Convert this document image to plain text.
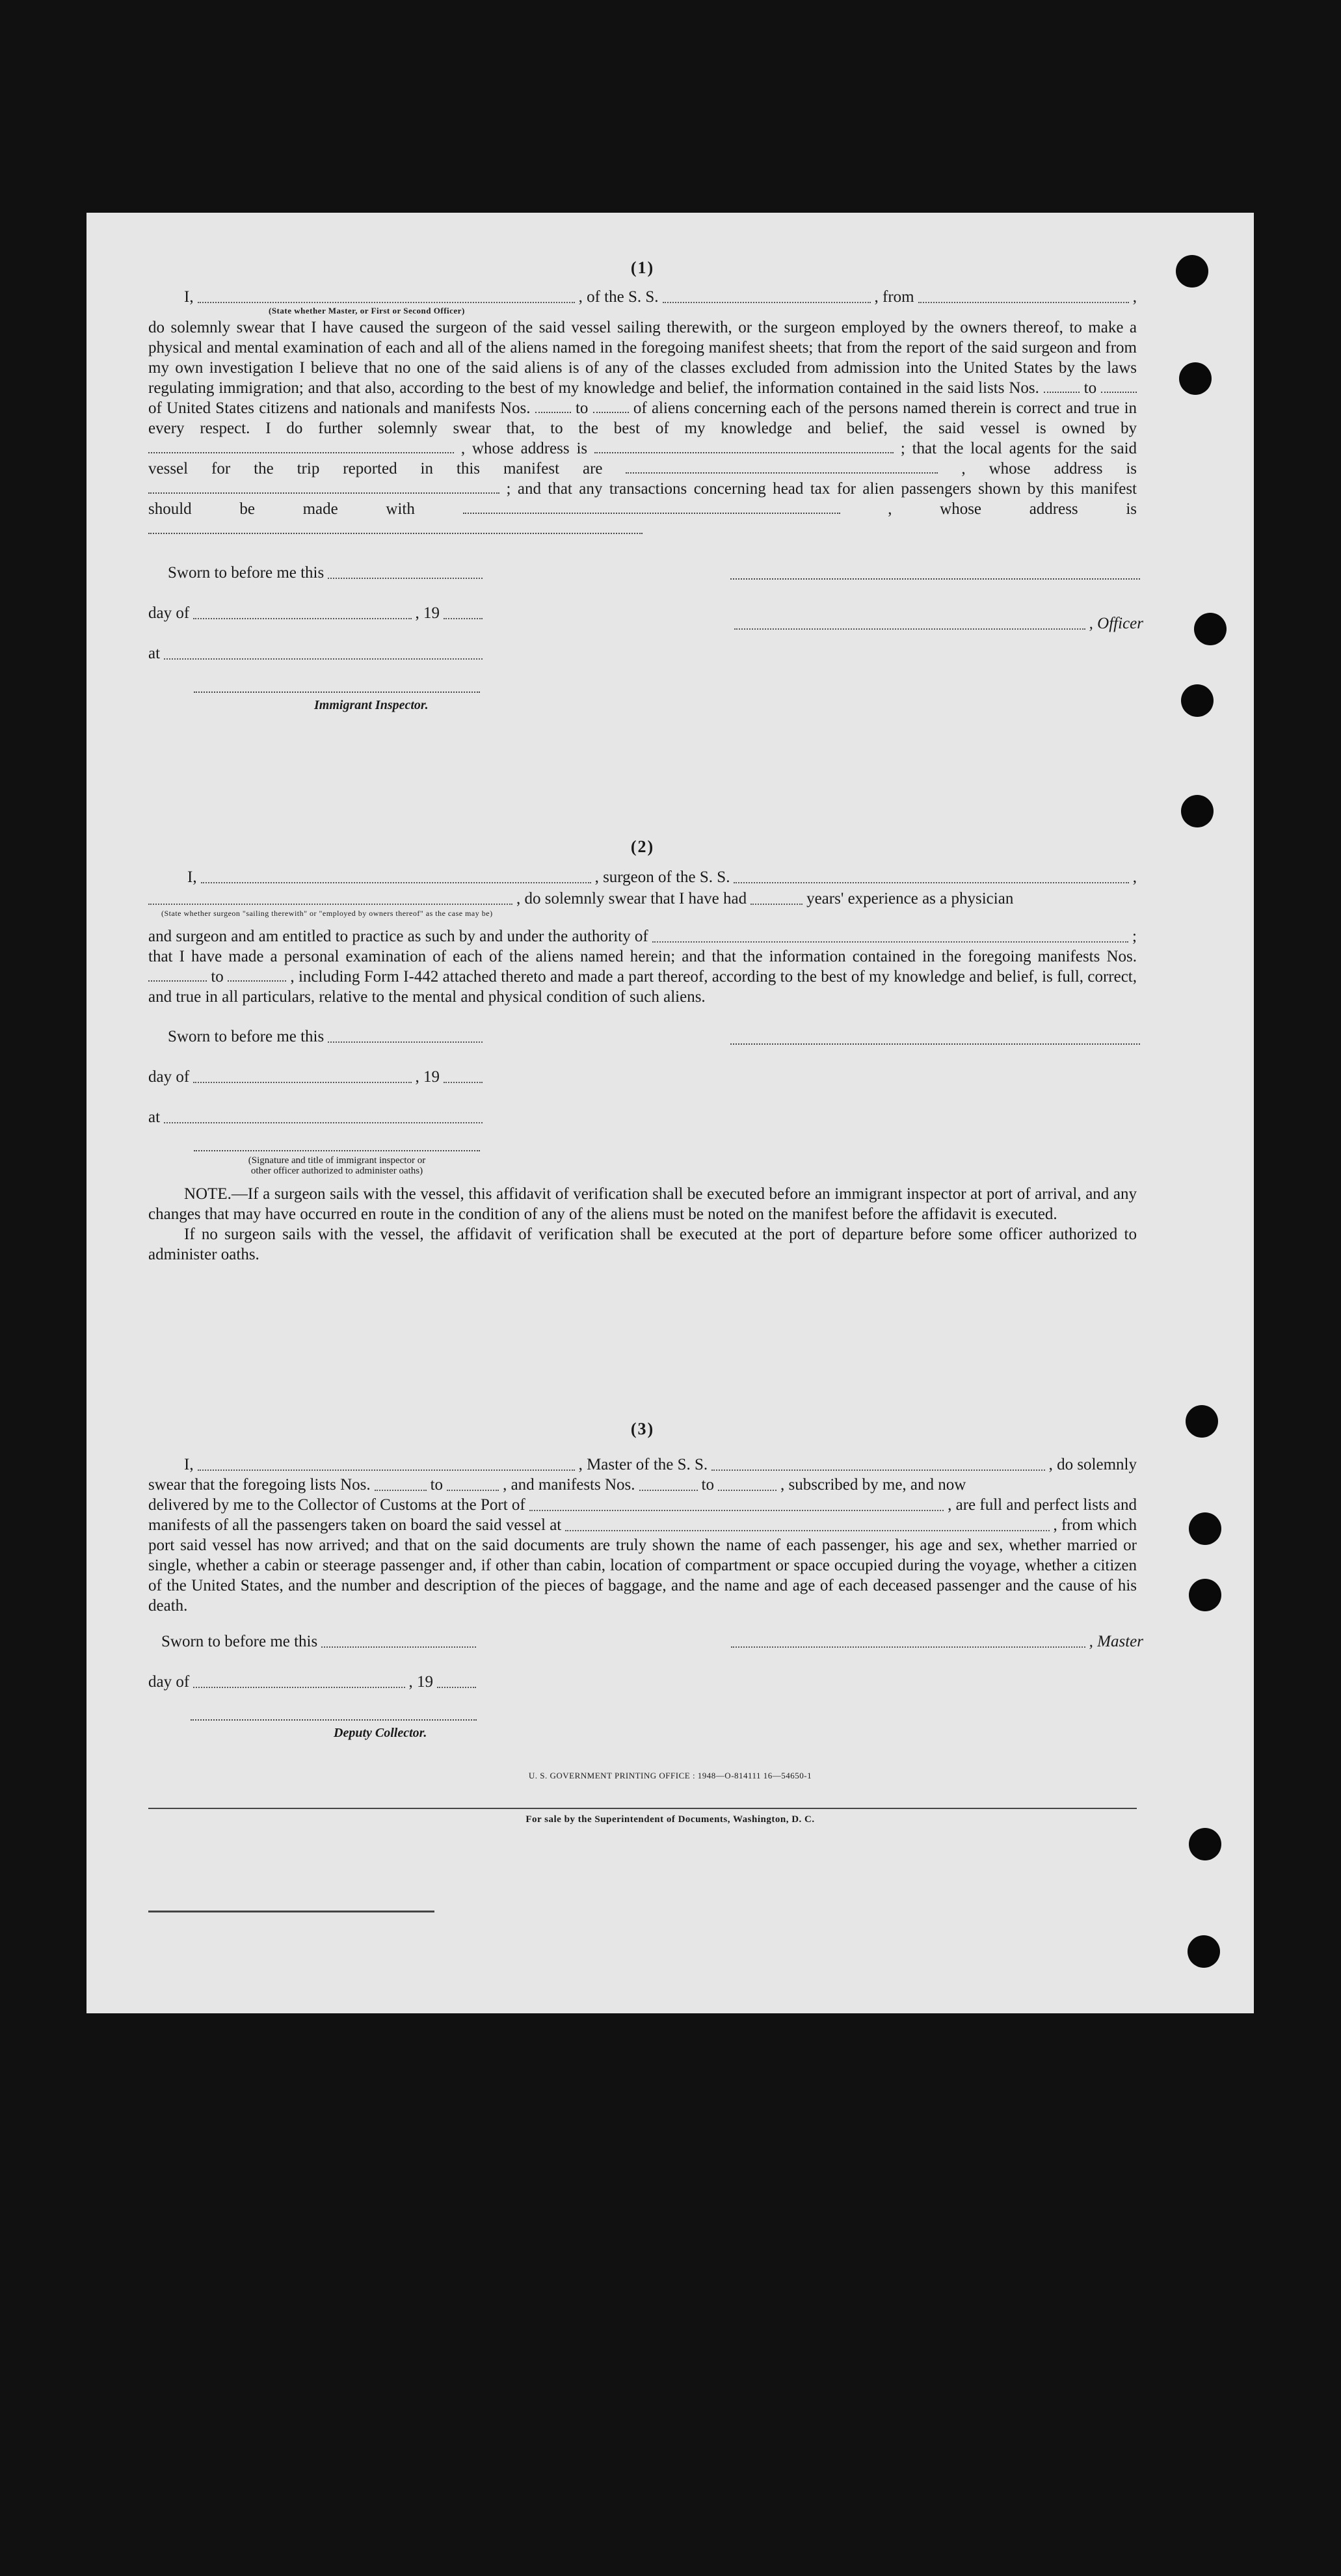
(1)
I,	, of the S. S.	, from	,
(State whether Master, or First or Second Officer)

do solemnly swear that I have caused the surgeon of the said vessel sailing therewith, or the surgeon employed by the owners thereof, to make a physical and mental examination of each and all of the aliens named in the foregoing manifest sheets; that from the report of the said surgeon and from my own investigation I believe that no one of the said aliens is of any of the classes excluded from admission into the United States by the laws regulating immigration; and that also, according to the best of my knowledge and belief, the information contained in the said lists Nos.	to  of United States citizens and nationals and manifests Nos.	to	of aliens concerning each of the persons named therein is correct and true in every respect. I do further solemnly swear that, to the best of my knowledge and belief, the said vessel is owned by  , whose address is	; that the local agents for the said vessel for the trip reported in this manifest are	, whose address is  ; and that any transactions concerning head tax for alien passengers shown by this manifest should be made with	, whose address is

Sworn to before me this
day of	, 19
at
Immigrant Inspector.
, Officer
(2)
I,	, surgeon of the S. S.	,
, do solemnly swear that I have had	years' experience as a physician
(State whether surgeon "sailing therewith" or "employed by owners thereof" as the case may be)
and surgeon and am entitled to practice as such by and under the authority of	;

that I have made a personal examination of each of the aliens named herein; and that the information contained in the foregoing manifests Nos.  to	, including Form I-442 attached thereto and made a part thereof, according to the best of my knowledge and belief, is full, correct, and true in all particulars, relative to the mental and physical condition of such aliens.

Sworn to before me this
day of	, 19
at
(Signature and title of immigrant inspector or
other officer authorized to administer oaths)

NOTE.—If a surgeon sails with the vessel, this affidavit of verification shall be executed before an immigrant inspector at port of arrival, and any changes that may have occurred en route in the condition of any of the aliens must be noted on the manifest before the affidavit is executed.

If no surgeon sails with the vessel, the affidavit of verification shall be executed at the port of departure before some officer authorized to administer oaths.

(3)
I,	, Master of the S. S.	, do solemnly
swear that the foregoing lists Nos.	to	, and manifests Nos.	to	, subscribed by me, and now
delivered by me to the Collector of Customs at the Port of	, are full and perfect lists and
manifests of all the passengers taken on board the said vessel at	, from which

port said vessel has now arrived; and that on the said documents are truly shown the name of each passenger, his age and sex, whether married or single, whether a cabin or steerage passenger and, if other than cabin, location of compartment or space occupied during the voyage, whether a citizen of the United States, and the number and description of the pieces of baggage, and the name and age of each deceased passenger and the cause of his death.

Sworn to before me this	, Master
day of	, 19
Deputy Collector.
U. S. GOVERNMENT PRINTING OFFICE : 1948—O-814111 16—54650-1
For sale by the Superintendent of Documents, Washington, D. C.
